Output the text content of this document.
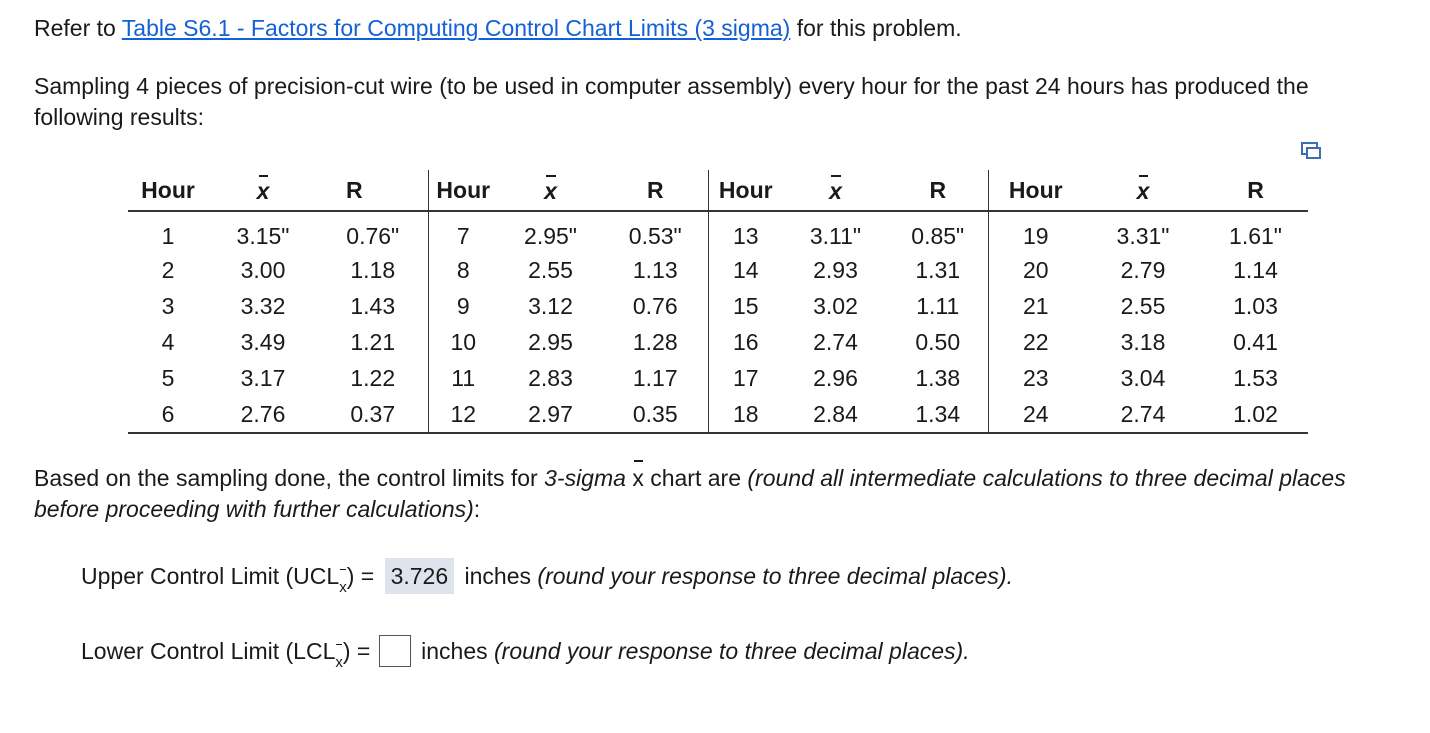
Refer to Table S6.1 - Factors for Computing Control Chart Limits (3 sigma) for this problem.

Sampling 4 pieces of precision-cut wire (to be used in computer assembly) every hour for the past 24 hours has produced the following results:

Hour	x	R	Hour	x	R	Hour	x	R	Hour	x	R
1	3.15"	0.76"	7	2.95"	0.53"	13	3.11"	0.85"	19	3.31"	1.61"
2	3.00	1.18	8	2.55	1.13	14	2.93	1.31	20	2.79	1.14
3	3.32	1.43	9	3.12	0.76	15	3.02	1.11	21	2.55	1.03
4	3.49	1.21	10	2.95	1.28	16	2.74	0.50	22	3.18	0.41
5	3.17	1.22	11	2.83	1.17	17	2.96	1.38	23	3.04	1.53
6	2.76	0.37	12	2.97	0.35	18	2.84	1.34	24	2.74	1.02

Based on the sampling done, the control limits for 3-sigma x chart are (round all intermediate calculations to three decimal places before proceeding with further calculations):

Upper Control Limit (UCLx) = 3.726 inches (round your response to three decimal places).
Lower Control Limit (LCLx) =  inches (round your response to three decimal places).
